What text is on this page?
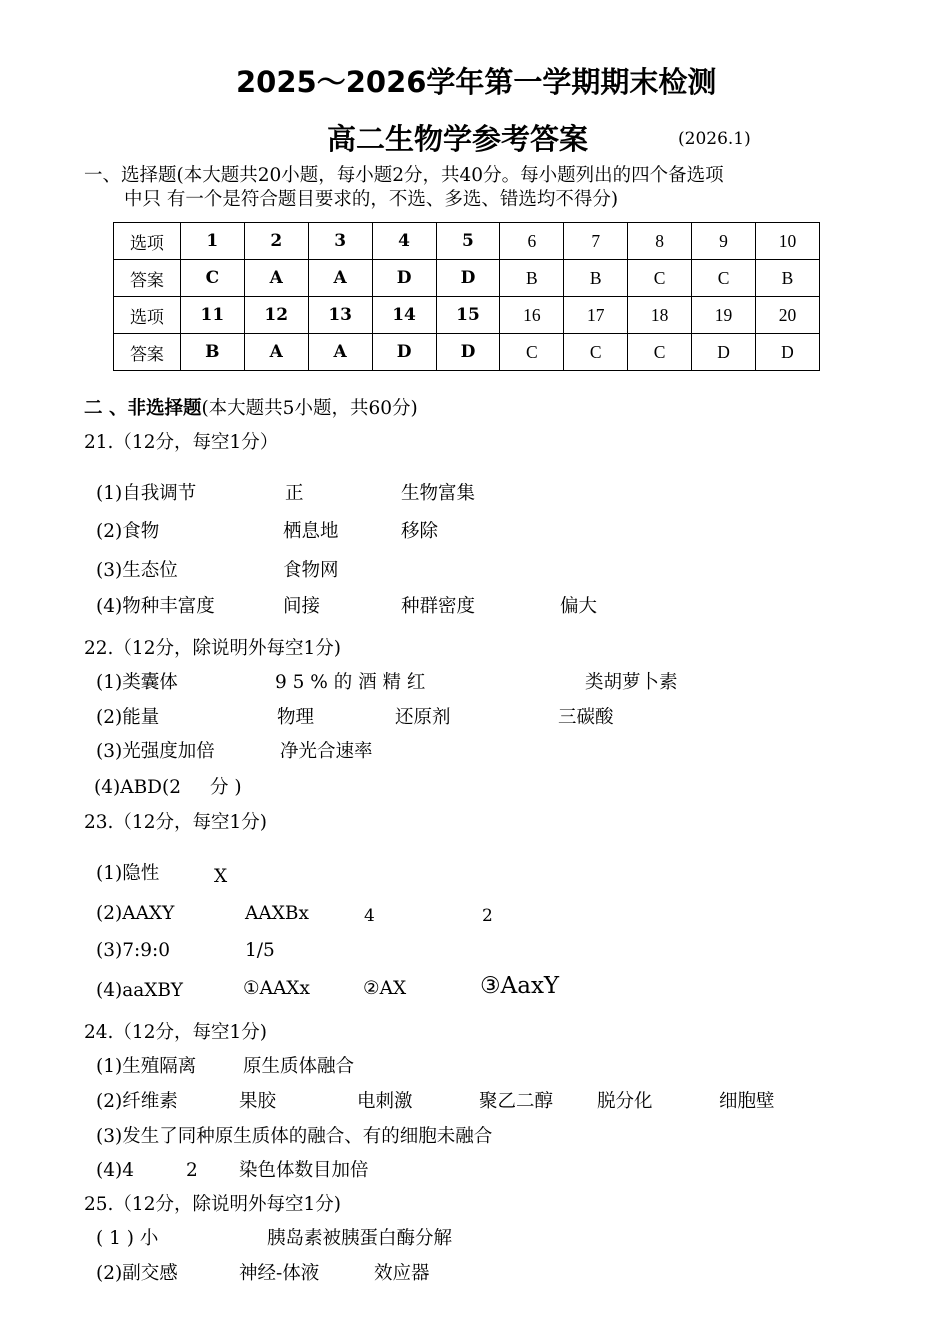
2025～2026学年第一学期期末检测
高二生物学参考答案	(2026.1)
一、选择题(本大题共20小题，每小题2分，共40分。每小题列出的四个备选项
中只 有一个是符合题目要求的，不选、多选、错选均不得分)
选项	1	2	3	4	5	6	7	8	9	10
答案	C	A	A	D	D	B	B	C	C	B
选项	11	12	13	14	15	16	17	18	19	20
答案	B	A	A	D	D	C	C	C	D	D
二 、非选择题(本大题共5小题，共60分)
21.（12分，每空1分）
(1)自我调节	正	生物富集
(2)食物	栖息地	移除
(3)生态位	食物网
(4)物种丰富度	间接	种群密度	偏大
22.（12分，除说明外每空1分)
(1)类囊体	9 5 % 的 酒 精 红	类胡萝卜素
(2)能量	物理	还原剂	三碳酸
(3)光强度加倍	净光合速率
(4)ABD(2 分 )
23.（12分，每空1分)
(1)隐性	X
(2)AAXY	AAXBx	4	2
(3)7:9:0	1/5
(4)aaXBY	①AAXx	②AX	③AaxY
24.（12分，每空1分)
(1)生殖隔离	原生质体融合
(2)纤维素	果胶	电刺激	聚乙二醇 脱分化	细胞壁
(3)发生了同种原生质体的融合、有的细胞未融合
(4)4	2 染色体数目加倍
25.（12分，除说明外每空1分)
( 1 ) 小	胰岛素被胰蛋白酶分解
(2)副交感	神经-体液	效应器
